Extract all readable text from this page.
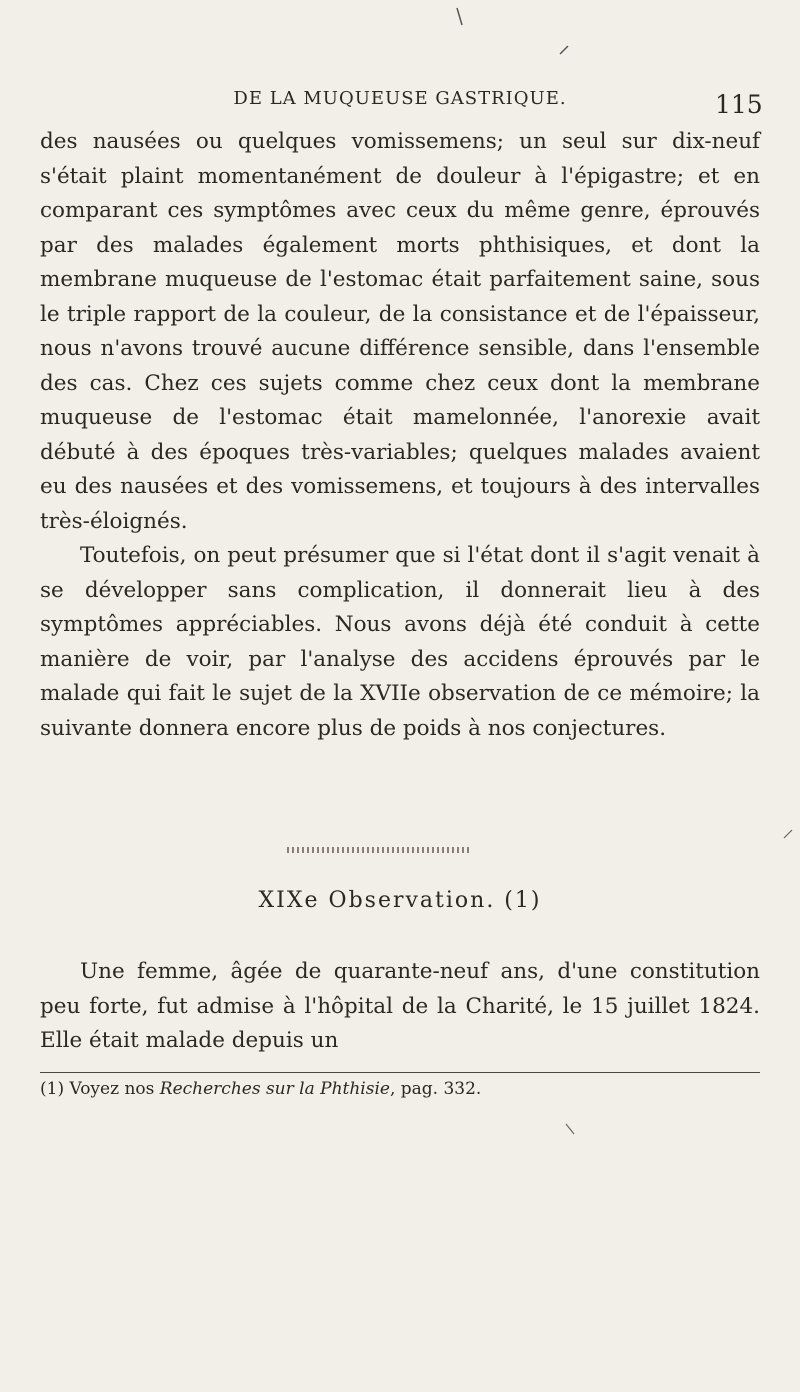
DE LA MUQUEUSE GASTRIQUE.	115

des nausées ou quelques vomissemens; un seul sur dix-neuf s'était plaint momentanément de douleur à l'épigastre; et en comparant ces symptômes avec ceux du même genre, éprouvés par des malades également morts phthisiques, et dont la membrane muqueuse de l'estomac était parfaitement saine, sous le triple rapport de la couleur, de la consistance et de l'épaisseur, nous n'avons trouvé aucune différence sensible, dans l'ensemble des cas. Chez ces sujets comme chez ceux dont la membrane muqueuse de l'estomac était mamelonnée, l'anorexie avait débuté à des époques très-variables; quelques malades avaient eu des nausées et des vomissemens, et toujours à des intervalles très-éloignés.

Toutefois, on peut présumer que si l'état dont il s'agit venait à se développer sans complication, il donnerait lieu à des symptômes appréciables. Nous avons déjà été conduit à cette manière de voir, par l'analyse des accidens éprouvés par le malade qui fait le sujet de la XVIIe observation de ce mémoire; la suivante donnera encore plus de poids à nos conjectures.

XIXe Observation. (1)

Une femme, âgée de quarante-neuf ans, d'une constitution peu forte, fut admise à l'hôpital de la Charité, le 15 juillet 1824. Elle était malade depuis un

(1) Voyez nos Recherches sur la Phthisie, pag. 332.
